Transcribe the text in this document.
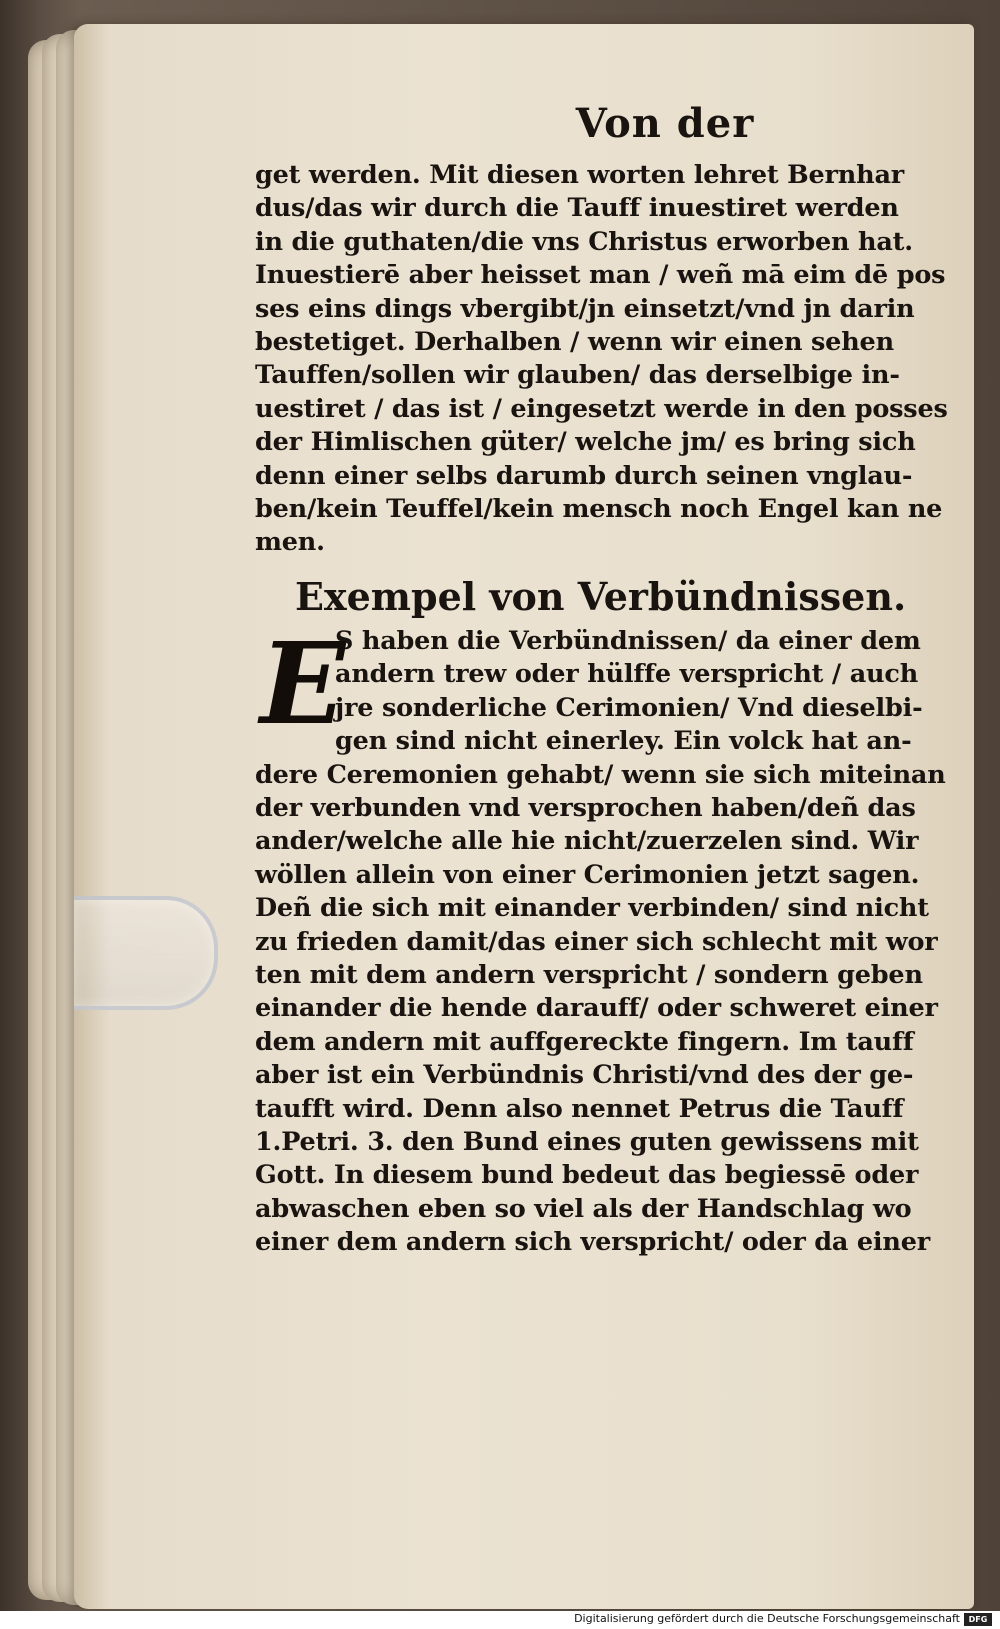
Von der
get werden. Mit diesen worten lehret Bernhar
dus/das wir durch die Tauff inuestiret werden
in die guthaten/die vns Christus erworben hat.
Inuestierē aber heisset man / weñ mā eim dē pos
ses eins dings vbergibt/jn einsetzt/vnd jn darin
bestetiget. Derhalben / wenn wir einen sehen
Tauffen/sollen wir glauben/ das derselbige in-
uestiret / das ist / eingesetzt werde in den posses
der Himlischen güter/ welche jm/ es bring sich
denn einer selbs darumb durch seinen vnglau-
ben/kein Teuffel/kein mensch noch Engel kan ne
men.
Exempel von Verbündnissen.
E
S haben die Verbündnissen/ da einer dem
andern trew oder hülffe verspricht / auch
jre sonderliche Cerimonien/ Vnd dieselbi-
gen sind nicht einerley. Ein volck hat an-
dere Ceremonien gehabt/ wenn sie sich miteinan
der verbunden vnd versprochen haben/deñ das
ander/welche alle hie nicht/zuerzelen sind. Wir
wöllen allein von einer Cerimonien jetzt sagen.
Deñ die sich mit einander verbinden/ sind nicht
zu frieden damit/das einer sich schlecht mit wor
ten mit dem andern verspricht / sondern geben
einander die hende darauff/ oder schweret einer
dem andern mit auffgereckte fingern. Im tauff
aber ist ein Verbündnis Christi/vnd des der ge-
taufft wird. Denn also nennet Petrus die Tauff
1.Petri. 3. den Bund eines guten gewissens mit
Gott. In diesem bund bedeut das begiessē oder
abwaschen eben so viel als der Handschlag wo
einer dem andern sich verspricht/ oder da einer
Digitalisierung gefördert durch die Deutsche Forschungsgemeinschaft	DFG
